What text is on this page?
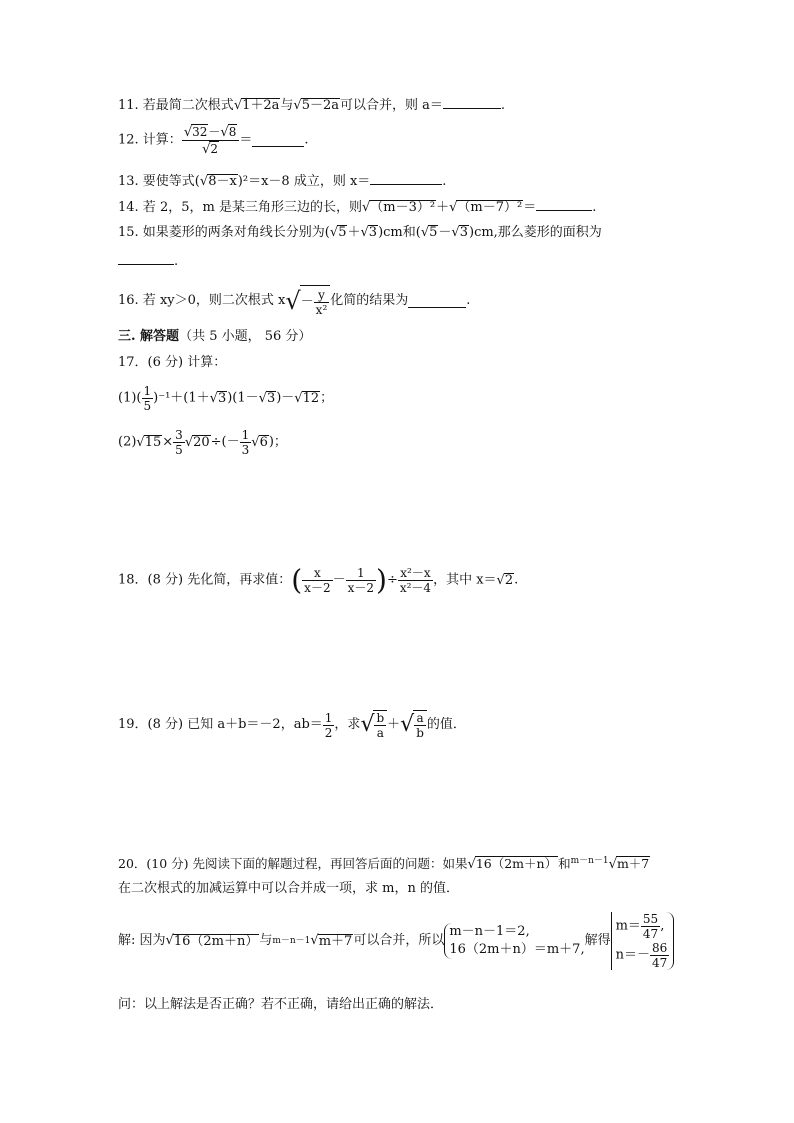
11. 若最简二次根式√1＋2a与√5－2a可以合并，则 a＝	.
12. 计算： $\frac{√32-√8}{√2}$ ＝	.
13. 要使等式(√8－x)²＝x－8 成立，则 x＝	.
14. 若 2，5，m 是某三角形三边的长，则√（m－3）²＋√（m－7）²＝	.
15. 如果菱形的两条对角线长分别为(√5＋√3)cm和(√5－√3)cm,那么菱形的面积为
.
16. 若 xy＞0，则二次根式 $x√- \frac{y}{\text{x²}}$ 化简的结果为	.
三. 解答题（共 5 小题， 56 分）
17．(6 分) 计算：
$(1)( \frac{1}{5} )^{-1}+(1+√3)(1-√3)-√12$；
$(2)√15\times \frac{3}{5} √20\div(- \frac{1}{3} √6)$；
18．(8 分) 先化简，再求值：( $\frac{x}{x-2} - \frac{1}{x-2}$ )÷ $\frac{\text{x²－x}}{\text{x²－4}}$ ，其中 x＝√2.
19．(8 分) 已知 a＋b＝－2，$ab= \frac{1}{2}$ ，求√ $\frac{b}{a}$ ＋√ $\frac{a}{b}$ 的值．
20．(10 分) 先阅读下面的解题过程，再回答后面的问题：如果√16（2m＋n）和$^{m-n-1}$√m＋7
在二次根式的加减运算中可以合并成一项，求 m，n 的值．
解: 因为√16（2m＋n）与m－n－1√m＋7可以合并，所以
m－n－1＝2,
16（2m＋n）＝m＋7,
解得
$m= \frac{55}{47}$ ,
$n=- \frac{86}{47}$
问：以上解法是否正确？若不正确，请给出正确的解法．
